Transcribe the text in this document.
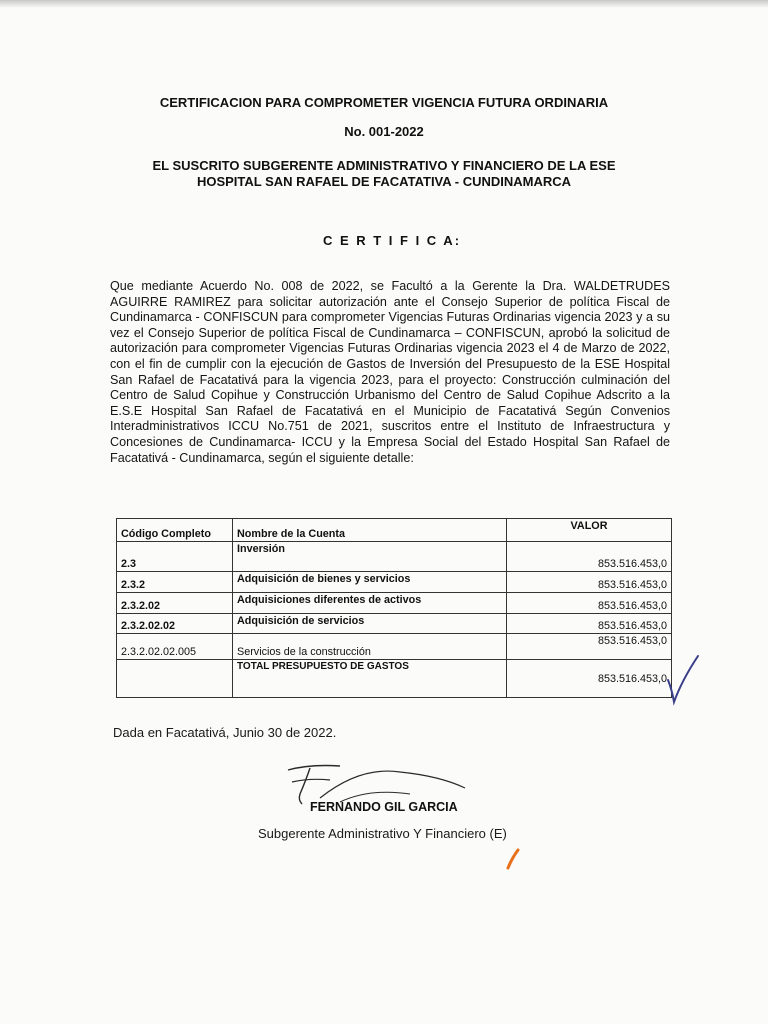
CERTIFICACION PARA COMPROMETER VIGENCIA FUTURA ORDINARIA
No. 001-2022
EL SUSCRITO SUBGERENTE ADMINISTRATIVO Y FINANCIERO DE LA ESE
HOSPITAL SAN RAFAEL DE FACATATIVA - CUNDINAMARCA
C E R T I F I C A:
Que mediante Acuerdo No. 008 de 2022, se Facultó a la Gerente la Dra. WALDETRUDES AGUIRRE RAMIREZ para solicitar autorización ante el Consejo Superior de política Fiscal de Cundinamarca - CONFISCUN para comprometer Vigencias Futuras Ordinarias vigencia 2023 y a su vez el Consejo Superior de política Fiscal de Cundinamarca – CONFISCUN, aprobó la solicitud de autorización para comprometer Vigencias Futuras Ordinarias vigencia 2023 el 4 de Marzo de 2022, con el fin de cumplir con la ejecución de Gastos de Inversión del Presupuesto de la ESE Hospital San Rafael de Facatativá para la vigencia 2023, para el proyecto: Construcción culminación del Centro de Salud Copihue y Construcción Urbanismo del Centro de Salud Copihue Adscrito a la E.S.E Hospital San Rafael de Facatativá en el Municipio de Facatativá Según Convenios Interadministrativos ICCU No.751 de 2021, suscritos entre el Instituto de Infraestructura y Concesiones de Cundinamarca- ICCU y la Empresa Social del Estado Hospital San Rafael de Facatativá - Cundinamarca, según el siguiente detalle:
Código Completo	Nombre de la Cuenta	VALOR
2.3	Inversión	853.516.453,0
2.3.2	Adquisición de bienes y servicios	853.516.453,0
2.3.2.02	Adquisiciones diferentes de activos	853.516.453,0
2.3.2.02.02	Adquisición de servicios	853.516.453,0
2.3.2.02.02.005	Servicios de la construcción	853.516.453,0
	TOTAL PRESUPUESTO DE GASTOS	853.516.453,0
Dada en Facatativá, Junio 30 de 2022.
FERNANDO GIL GARCIA
Subgerente Administrativo Y Financiero (E)
